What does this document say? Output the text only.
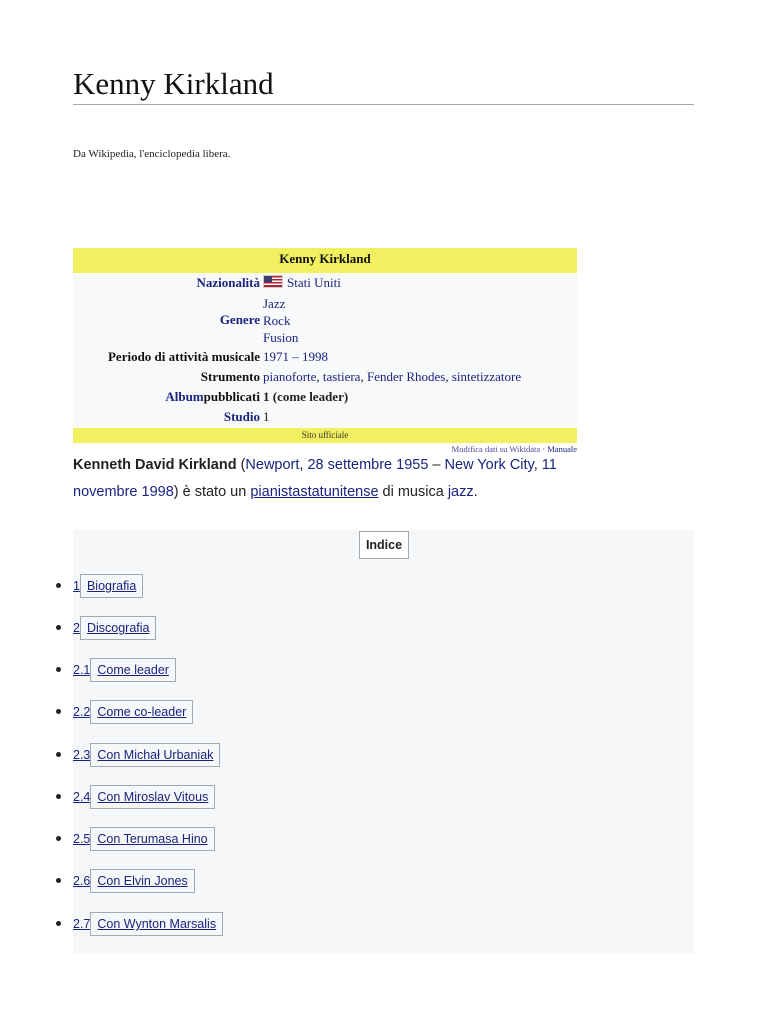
Kenny Kirkland
Da Wikipedia, l'enciclopedia libera.
Kenny Kirkland
Nazionalità	Stati Uniti
Genere
Jazz
Rock
Fusion
Periodo di attività musicale 1971 – 1998
Strumento pianoforte, tastiera, Fender Rhodes, sintetizzatore
Albumpubblicati 1 (come leader)
Studio 1
Sito ufficiale
Modifica dati su Wikidata · Manuale
Kenneth David Kirkland (Newport, 28 settembre 1955 – New York City, 11 novembre 1998) è stato un pianistastatunitense di musica jazz.
Indice
1 Biografia
2 Discografia
2.1 Come leader
2.2 Come co-leader
2.3 Con Michał Urbaniak
2.4 Con Miroslav Vitous
2.5 Con Terumasa Hino
2.6 Con Elvin Jones
2.7 Con Wynton Marsalis
